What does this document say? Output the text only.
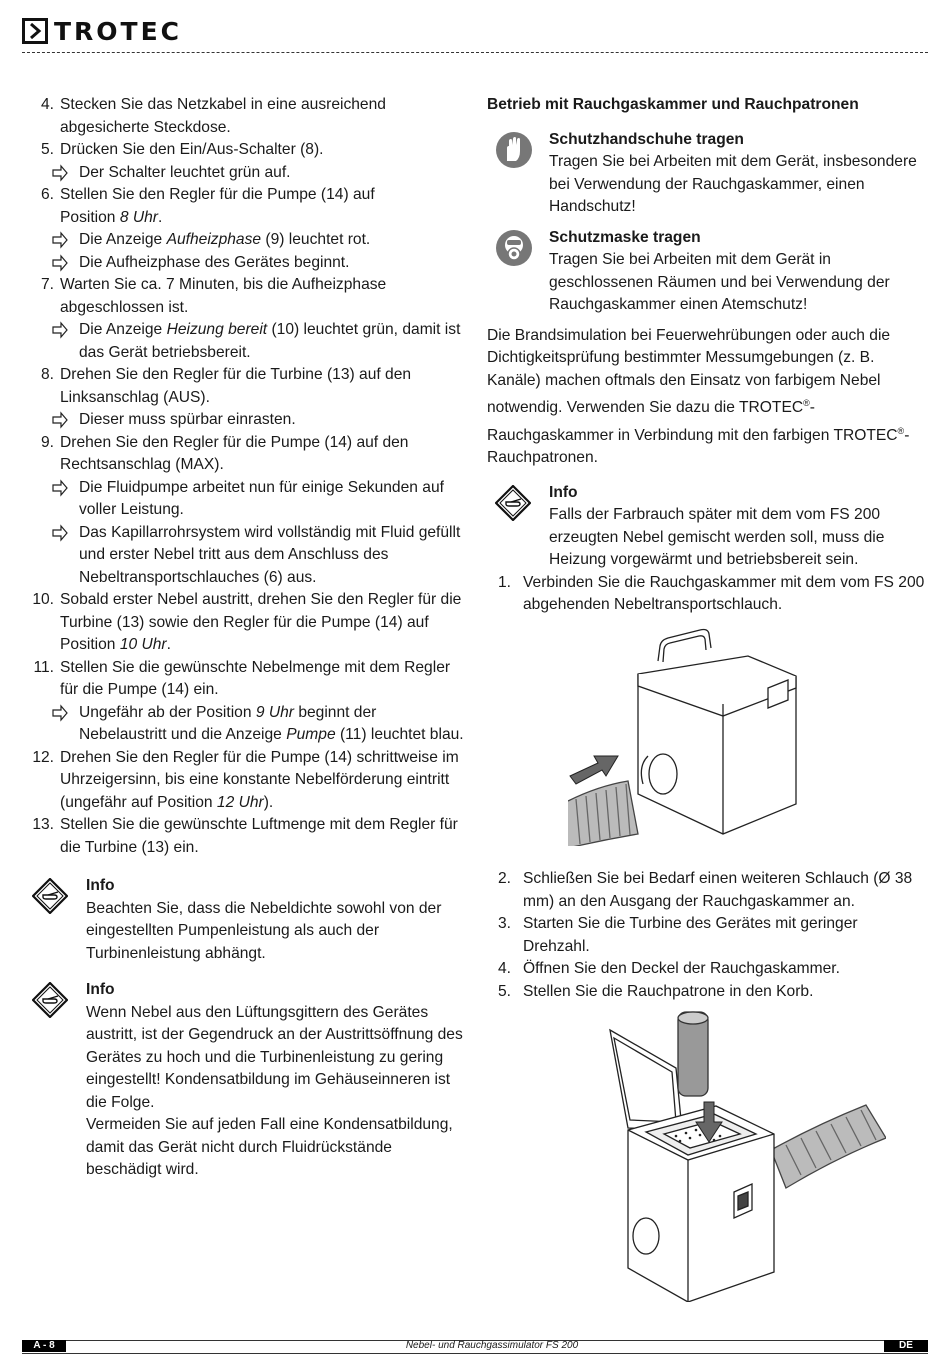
TROTEC
4. Stecken Sie das Netzkabel in eine ausreichend abgesicherte Steckdose.
5. Drücken Sie den Ein/Aus-Schalter (8).
Der Schalter leuchtet grün auf.
6. Stellen Sie den Regler für die Pumpe (14) auf
Position 8 Uhr.
Die Anzeige Aufheizphase (9) leuchtet rot.
Die Aufheizphase des Gerätes beginnt.
7. Warten Sie ca. 7 Minuten, bis die Aufheizphase abgeschlossen ist.
Die Anzeige Heizung bereit (10) leuchtet grün, damit ist das Gerät betriebsbereit.
8. Drehen Sie den Regler für die Turbine (13) auf den Linksanschlag (AUS).
Dieser muss spürbar einrasten.
9. Drehen Sie den Regler für die Pumpe (14) auf den Rechtsanschlag (MAX).
Die Fluidpumpe arbeitet nun für einige Sekunden auf voller Leistung.
Das Kapillarrohrsystem wird vollständig mit Fluid gefüllt und erster Nebel tritt aus dem Anschluss des Nebeltransportschlauches (6) aus.
10. Sobald erster Nebel austritt, drehen Sie den Regler für die Turbine (13) sowie den Regler für die Pumpe (14) auf
Position 10 Uhr.
11. Stellen Sie die gewünschte Nebelmenge mit dem Regler für die Pumpe (14) ein.
Ungefähr ab der Position 9 Uhr beginnt der Nebelaustritt und die Anzeige Pumpe (11) leuchtet blau.
12. Drehen Sie den Regler für die Pumpe (14) schrittweise im Uhrzeigersinn, bis eine konstante Nebelförderung eintritt
(ungefähr auf Position 12 Uhr).
13. Stellen Sie die gewünschte Luftmenge mit dem Regler für die Turbine (13) ein.
Info
Beachten Sie, dass die Nebeldichte sowohl von der eingestellten Pumpenleistung als auch der Turbinenleistung abhängt.
Info
Wenn Nebel aus den Lüftungsgittern des Gerätes austritt, ist der Gegendruck an der Austrittsöffnung des Gerätes zu hoch und die Turbinenleistung zu gering eingestellt! Kondensatbildung im Gehäuseinneren ist die Folge.
Vermeiden Sie auf jeden Fall eine Kondensatbildung, damit das Gerät nicht durch Fluidrückstände beschädigt wird.
Betrieb mit Rauchgaskammer und Rauchpatronen
Schutzhandschuhe tragen
Tragen Sie bei Arbeiten mit dem Gerät, insbesondere bei Verwendung der Rauchgaskammer, einen Handschutz!
Schutzmaske tragen
Tragen Sie bei Arbeiten mit dem Gerät in geschlossenen Räumen und bei Verwendung der Rauchgaskammer einen Atemschutz!
Die Brandsimulation bei Feuerwehrübungen oder auch die Dichtigkeitsprüfung bestimmter Messumgebungen (z. B. Kanäle) machen oftmals den Einsatz von farbigem Nebel notwendig. Verwenden Sie dazu die TROTEC®-Rauchgaskammer in Verbindung mit den farbigen TROTEC®-Rauchpatronen.
Info
Falls der Farbrauch später mit dem vom FS 200 erzeugten Nebel gemischt werden soll, muss die Heizung vorgewärmt und betriebsbereit sein.
1. Verbinden Sie die Rauchgaskammer mit dem vom FS 200 abgehenden Nebeltransportschlauch.
2. Schließen Sie bei Bedarf einen weiteren Schlauch (Ø 38 mm) an den Ausgang der Rauchgaskammer an.
3. Starten Sie die Turbine des Gerätes mit geringer Drehzahl.
4. Öffnen Sie den Deckel der Rauchgaskammer.
5. Stellen Sie die Rauchpatrone in den Korb.
A - 8	Nebel- und Rauchgassimulator FS 200	DE
